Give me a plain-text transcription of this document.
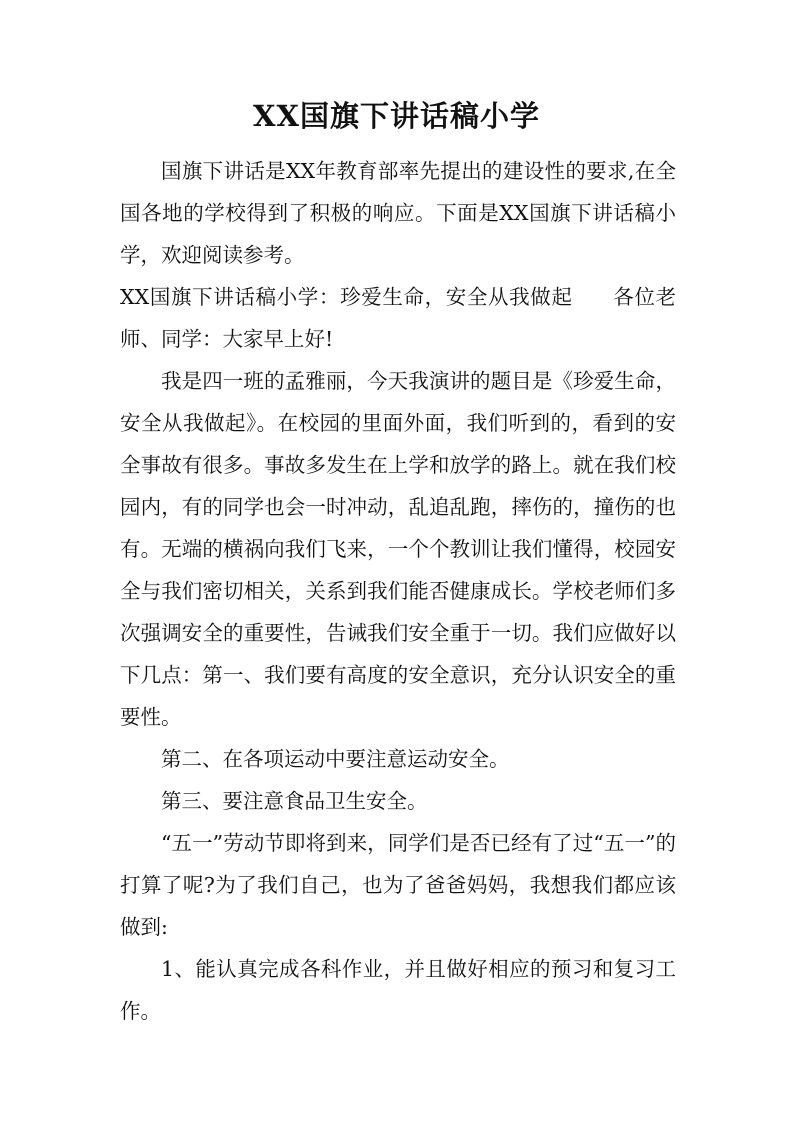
XX国旗下讲话稿小学

国旗下讲话是XX年教育部率先提出的建设性的要求,在全国各地的学校得到了积极的响应。下面是XX国旗下讲话稿小学，欢迎阅读参考。

XX国旗下讲话稿小学：珍爱生命，安全从我做起 各位老师、同学：大家早上好!

我是四一班的孟雅丽，今天我演讲的题目是《珍爱生命，安全从我做起》。在校园的里面外面，我们听到的，看到的安全事故有很多。事故多发生在上学和放学的路上。就在我们校园内，有的同学也会一时冲动，乱追乱跑，摔伤的，撞伤的也有。无端的横祸向我们飞来，一个个教训让我们懂得，校园安全与我们密切相关，关系到我们能否健康成长。学校老师们多次强调安全的重要性，告诫我们安全重于一切。我们应做好以下几点：第一、我们要有高度的安全意识，充分认识安全的重要性。

第二、在各项运动中要注意运动安全。

第三、要注意食品卫生安全。

“五一”劳动节即将到来，同学们是否已经有了过“五一”的打算了呢?为了我们自己，也为了爸爸妈妈，我想我们都应该做到:

1、能认真完成各科作业，并且做好相应的预习和复习工作。
